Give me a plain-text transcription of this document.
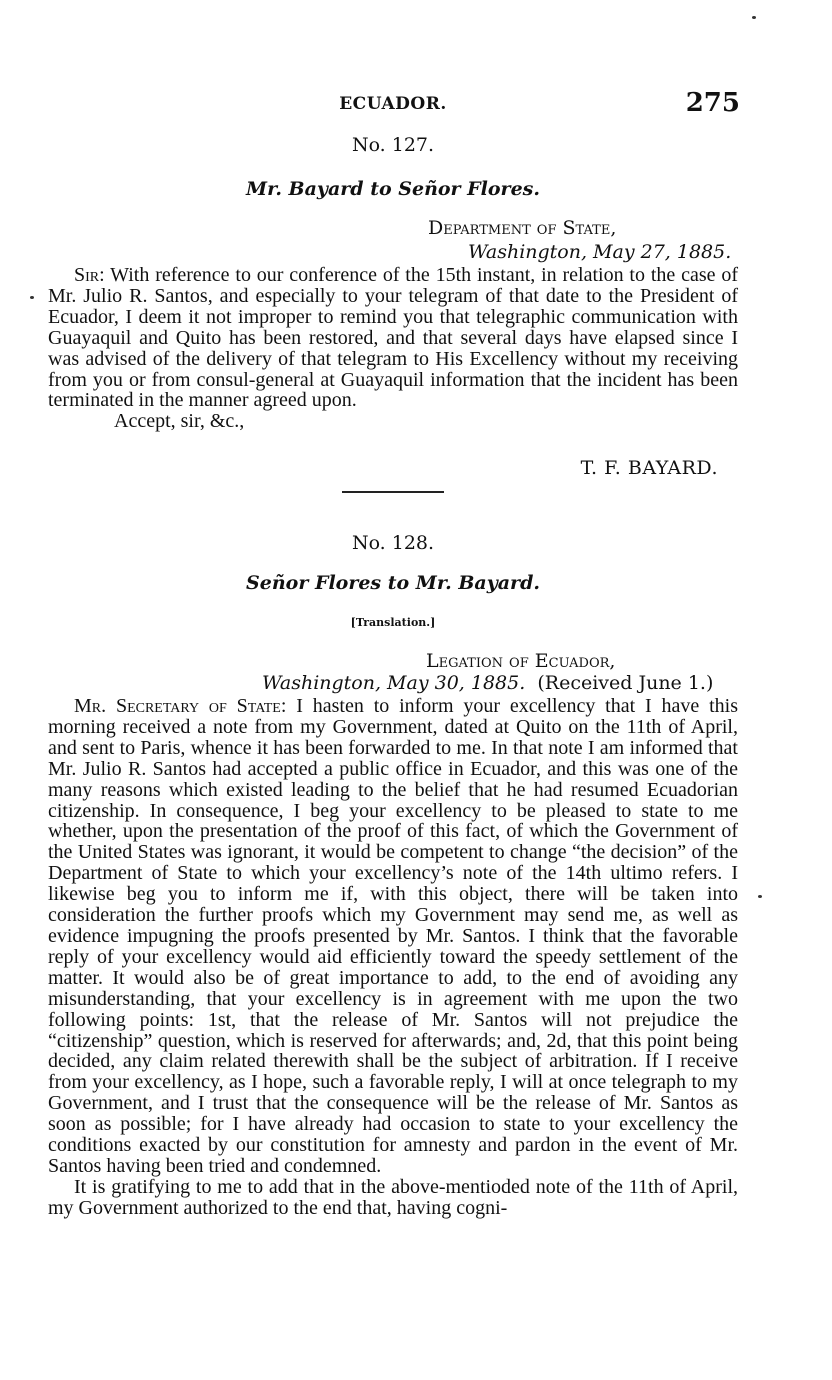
ECUADOR.	275
No. 127.
Mr. Bayard to Señor Flores.
Department of State,
Washington, May 27, 1885.

Sir: With reference to our conference of the 15th instant, in relation to the case of Mr. Julio R. Santos, and especially to your telegram of that date to the President of Ecuador, I deem it not improper to remind you that telegraphic communication with Guayaquil and Quito has been restored, and that several days have elapsed since I was advised of the delivery of that telegram to His Excellency without my receiving from you or from consul-general at Guayaquil information that the incident has been terminated in the manner agreed upon.

Accept, sir, &c.,

T. F. BAYARD.
No. 128.
Señor Flores to Mr. Bayard.
[Translation.]
Legation of Ecuador,
Washington, May 30, 1885. (Received June 1.)

Mr. Secretary of State: I hasten to inform your excellency that I have this morning received a note from my Government, dated at Quito on the 11th of April, and sent to Paris, whence it has been forwarded to me. In that note I am informed that Mr. Julio R. Santos had accepted a public office in Ecuador, and this was one of the many reasons which existed leading to the belief that he had resumed Ecuadorian citizenship. In consequence, I beg your excellency to be pleased to state to me whether, upon the presentation of the proof of this fact, of which the Government of the United States was ignorant, it would be competent to change “the decision” of the Department of State to which your excellency’s note of the 14th ultimo refers. I likewise beg you to inform me if, with this object, there will be taken into consideration the further proofs which my Government may send me, as well as evidence impugning the proofs presented by Mr. Santos. I think that the favorable reply of your excellency would aid efficiently toward the speedy settlement of the matter. It would also be of great importance to add, to the end of avoiding any misunderstanding, that your excellency is in agreement with me upon the two following points: 1st, that the release of Mr. Santos will not prejudice the “citizenship” question, which is reserved for afterwards; and, 2d, that this point being decided, any claim related therewith shall be the subject of arbitration. If I receive from your excellency, as I hope, such a favorable reply, I will at once telegraph to my Government, and I trust that the consequence will be the release of Mr. Santos as soon as possible; for I have already had occasion to state to your excellency the conditions exacted by our constitution for amnesty and pardon in the event of Mr. Santos having been tried and condemned.

It is gratifying to me to add that in the above-mentioded note of the 11th of April, my Government authorized to the end that, having cogni-
